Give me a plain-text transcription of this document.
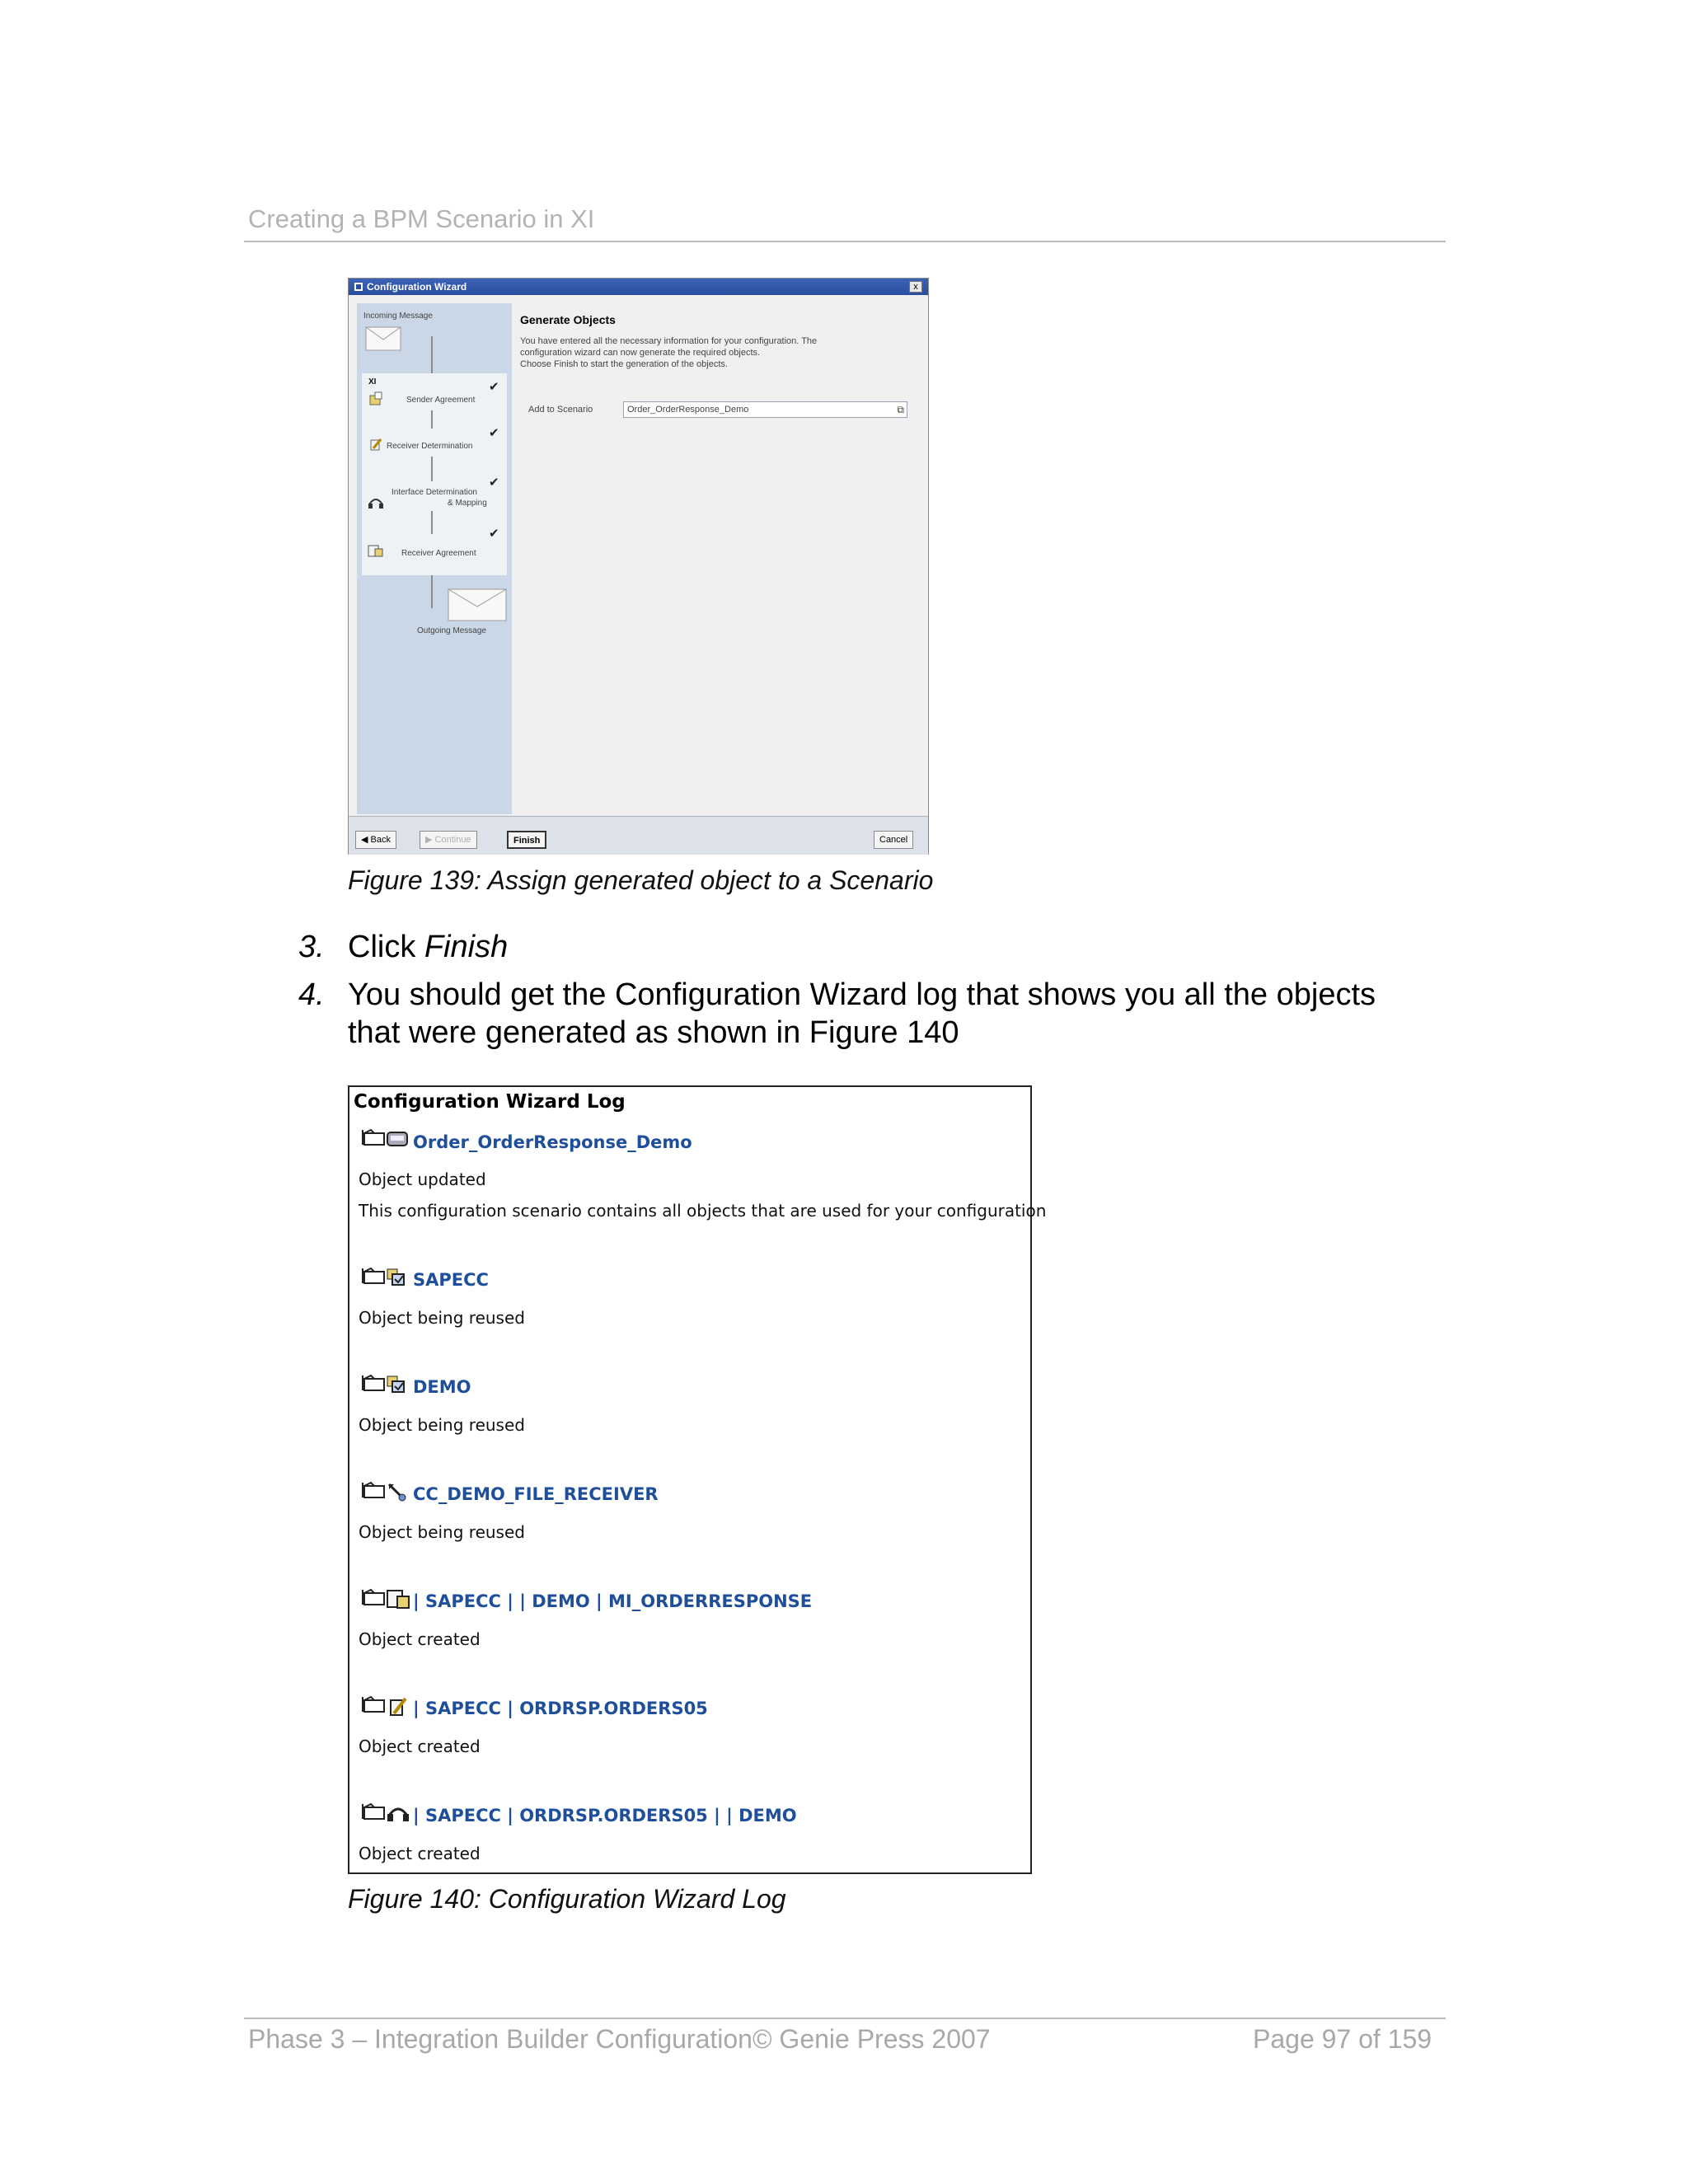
Creating a BPM Scenario in XI
Configuration Wizard	x
Incoming Message
XI	✔
Sender Agreement
✔
Receiver Determination
✔
Interface Determination
& Mapping
✔
Receiver Agreement
Outgoing Message
Generate Objects
You have entered all the necessary information for your configuration. The
configuration wizard can now generate the required objects.
Choose Finish to start the generation of the objects.
Add to Scenario	Order_OrderResponse_Demo	⧉
◀ Back	▶ Continue	Finish	Cancel
Figure 139: Assign generated object to a Scenario
3. Click Finish
4. You should get the Configuration Wizard log that shows you all the objects
that were generated as shown in Figure 140
Configuration Wizard Log
Order_OrderResponse_Demo
Object updated
This configuration scenario contains all objects that are used for your configuration
SAPECC
Object being reused
DEMO
Object being reused
CC_DEMO_FILE_RECEIVER
Object being reused
| SAPECC | | DEMO | MI_ORDERRESPONSE
Object created
| SAPECC | ORDRSP.ORDERS05
Object created
| SAPECC | ORDRSP.ORDERS05 | | DEMO
Object created
Figure 140: Configuration Wizard Log
Phase 3 – Integration Builder Configuration© Genie Press 2007	Page 97 of 159
